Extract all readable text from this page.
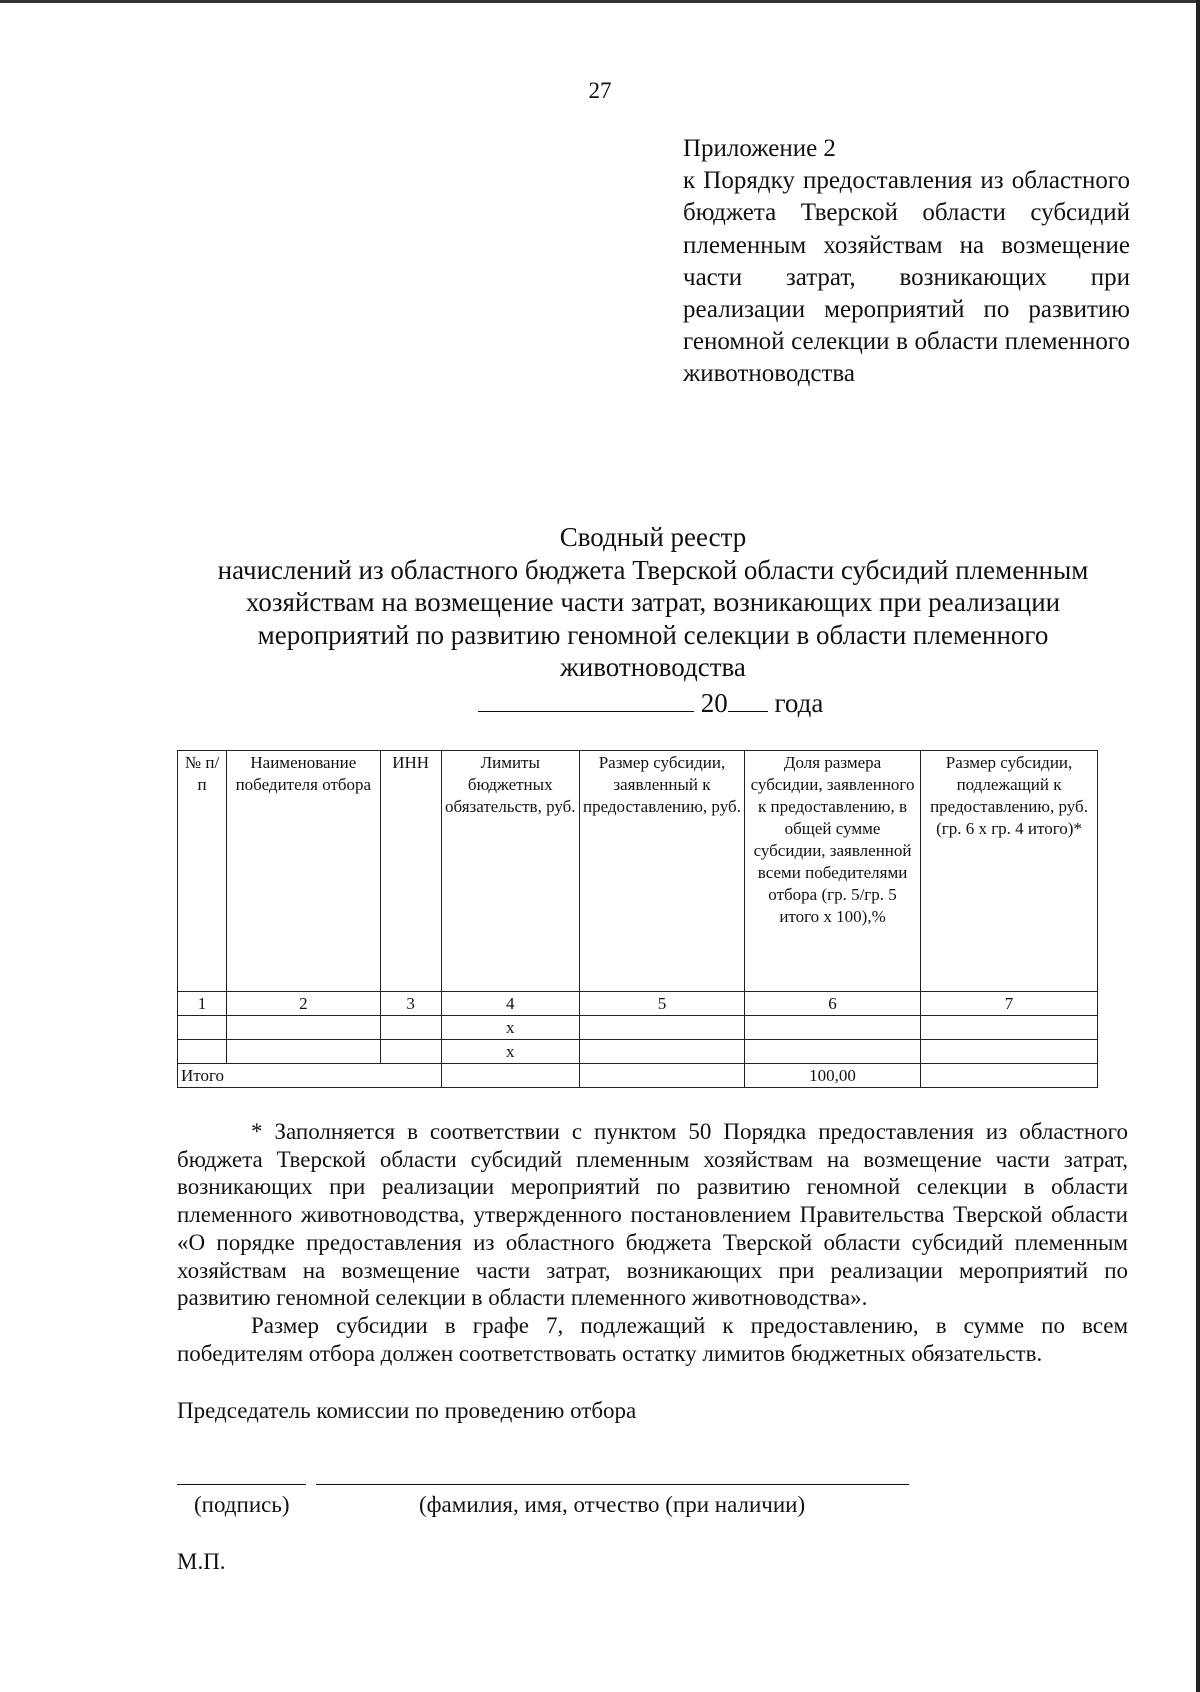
27
Приложение 2
к Порядку предоставления из областного бюджета Тверской области субсидий племенным хозяйствам на возмещение части затрат, возникающих при реализации мероприятий по развитию геномной селекции в области племенного животноводства
Сводный реестр
начислений из областного бюджета Тверской области субсидий племенным
хозяйствам на возмещение части затрат, возникающих при реализации
мероприятий по развитию геномной селекции в области племенного
животноводства
20 года
№ п/п	Наименование победителя отбора	ИНН	Лимиты бюджетных обязательств, руб.	Размер субсидии, заявленный к предоставлению, руб.	Доля размера субсидии, заявленного к предоставлению, в общей сумме субсидии, заявленной всеми победителями отбора (гр. 5/гр. 5 итого х 100),%	Размер субсидии, подлежащий к предоставлению, руб. (гр. 6 х гр. 4 итого)*
1	2	3	4	5	6	7
			х			
			х			
Итого					100,00	

* Заполняется в соответствии с пунктом 50 Порядка предоставления из областного бюджета Тверской области субсидий племенным хозяйствам на возмещение части затрат, возникающих при реализации мероприятий по развитию геномной селекции в области племенного животноводства, утвержденного постановлением Правительства Тверской области «О порядке предоставления из областного бюджета Тверской области субсидий племенным хозяйствам на возмещение части затрат, возникающих при реализации мероприятий по развитию геномной селекции в области племенного животноводства».

Размер субсидии в графе 7, подлежащий к предоставлению, в сумме по всем победителям отбора должен соответствовать остатку лимитов бюджетных обязательств.

Председатель комиссии по проведению отбора
(подпись)	(фамилия, имя, отчество (при наличии)
М.П.
